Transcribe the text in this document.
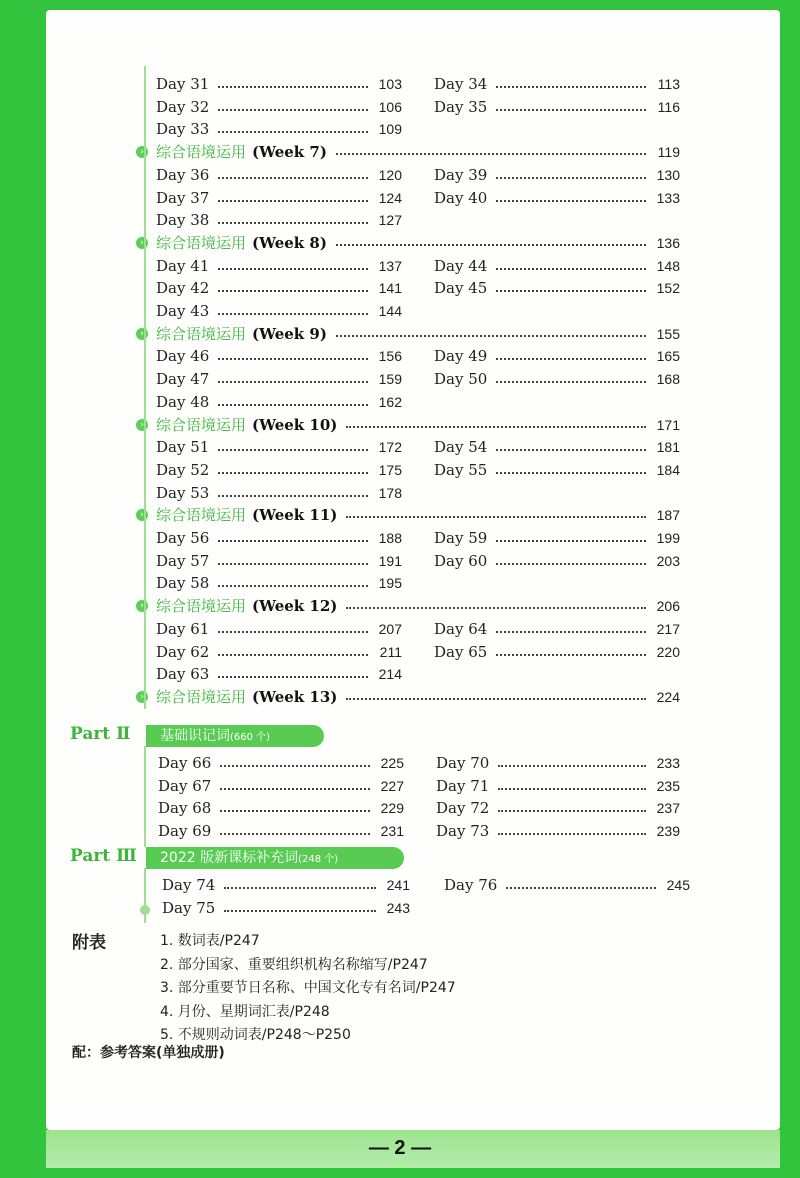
— 2 —
Day 31	103 Day 34	113
Day 32	106 Day 35	116
Day 33	109
› 综合语境运用 (Week 7)	119
Day 36	120 Day 39	130
Day 37	124 Day 40	133
Day 38	127
› 综合语境运用 (Week 8)	136
Day 41	137 Day 44	148
Day 42	141 Day 45	152
Day 43	144
› 综合语境运用 (Week 9)	155
Day 46	156 Day 49	165
Day 47	159 Day 50	168
Day 48	162
› 综合语境运用 (Week 10)	171
Day 51	172 Day 54	181
Day 52	175 Day 55	184
Day 53	178
› 综合语境运用 (Week 11)	187
Day 56	188 Day 59	199
Day 57	191 Day 60	203
Day 58	195
› 综合语境运用 (Week 12)	206
Day 61	207 Day 64	217
Day 62	211 Day 65	220
Day 63	214
› 综合语境运用 (Week 13)	224
Part Ⅱ	基础识记词(660 个)
Day 66	225 Day 70	233
Day 67	227 Day 71	235
Day 68	229 Day 72	237
Day 69	231 Day 73	239
Part Ⅲ	2022 版新课标补充词(248 个)
Day 74	241 Day 76	245
Day 75	243
附表	1. 数词表/P247
2. 部分国家、重要组织机构名称缩写/P247
3. 部分重要节日名称、中国文化专有名词/P247
4. 月份、星期词汇表/P248
5. 不规则动词表/P248～P250
配：参考答案(单独成册)
